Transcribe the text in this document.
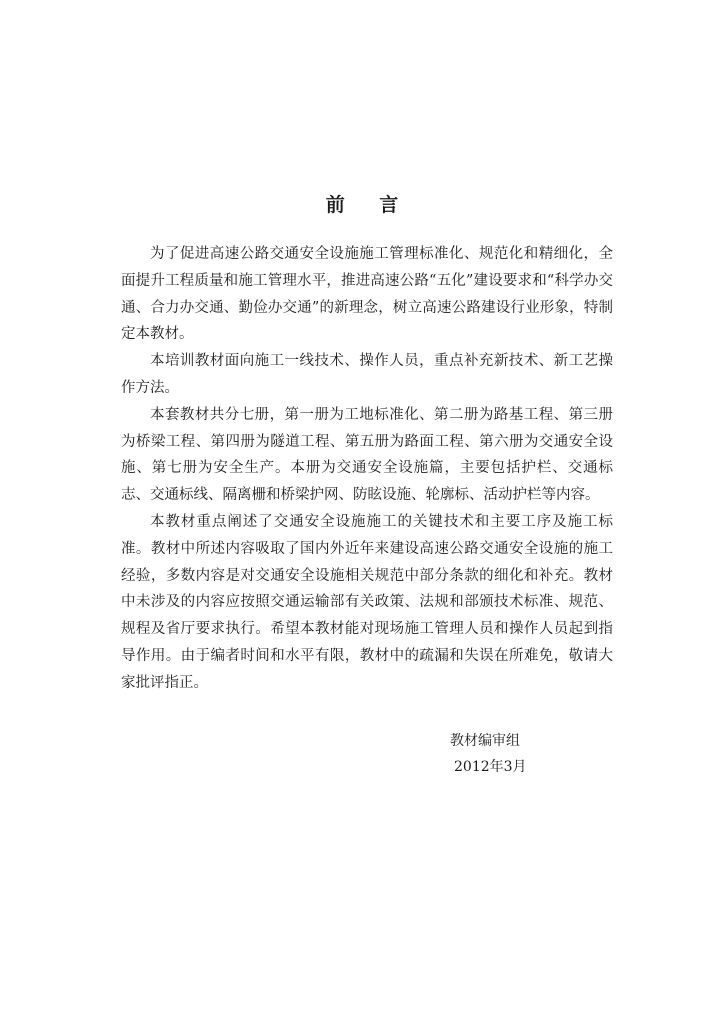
前 言

为了促进高速公路交通安全设施施工管理标准化、规范化和精细化，全面提升工程质量和施工管理水平，推进高速公路“五化”建设要求和“科学办交通、合力办交通、勤俭办交通”的新理念，树立高速公路建设行业形象，特制定本教材。

本培训教材面向施工一线技术、操作人员，重点补充新技术、新工艺操作方法。

本套教材共分七册，第一册为工地标准化、第二册为路基工程、第三册为桥梁工程、第四册为隧道工程、第五册为路面工程、第六册为交通安全设施、第七册为安全生产。本册为交通安全设施篇，主要包括护栏、交通标志、交通标线、隔离栅和桥梁护网、防眩设施、轮廓标、活动护栏等内容。

本教材重点阐述了交通安全设施施工的关键技术和主要工序及施工标准。教材中所述内容吸取了国内外近年来建设高速公路交通安全设施的施工经验，多数内容是对交通安全设施相关规范中部分条款的细化和补充。教材中未涉及的内容应按照交通运输部有关政策、法规和部颁技术标准、规范、规程及省厅要求执行。希望本教材能对现场施工管理人员和操作人员起到指导作用。由于编者时间和水平有限，教材中的疏漏和失误在所难免，敬请大家批评指正。

教材编审组
2012年3月
